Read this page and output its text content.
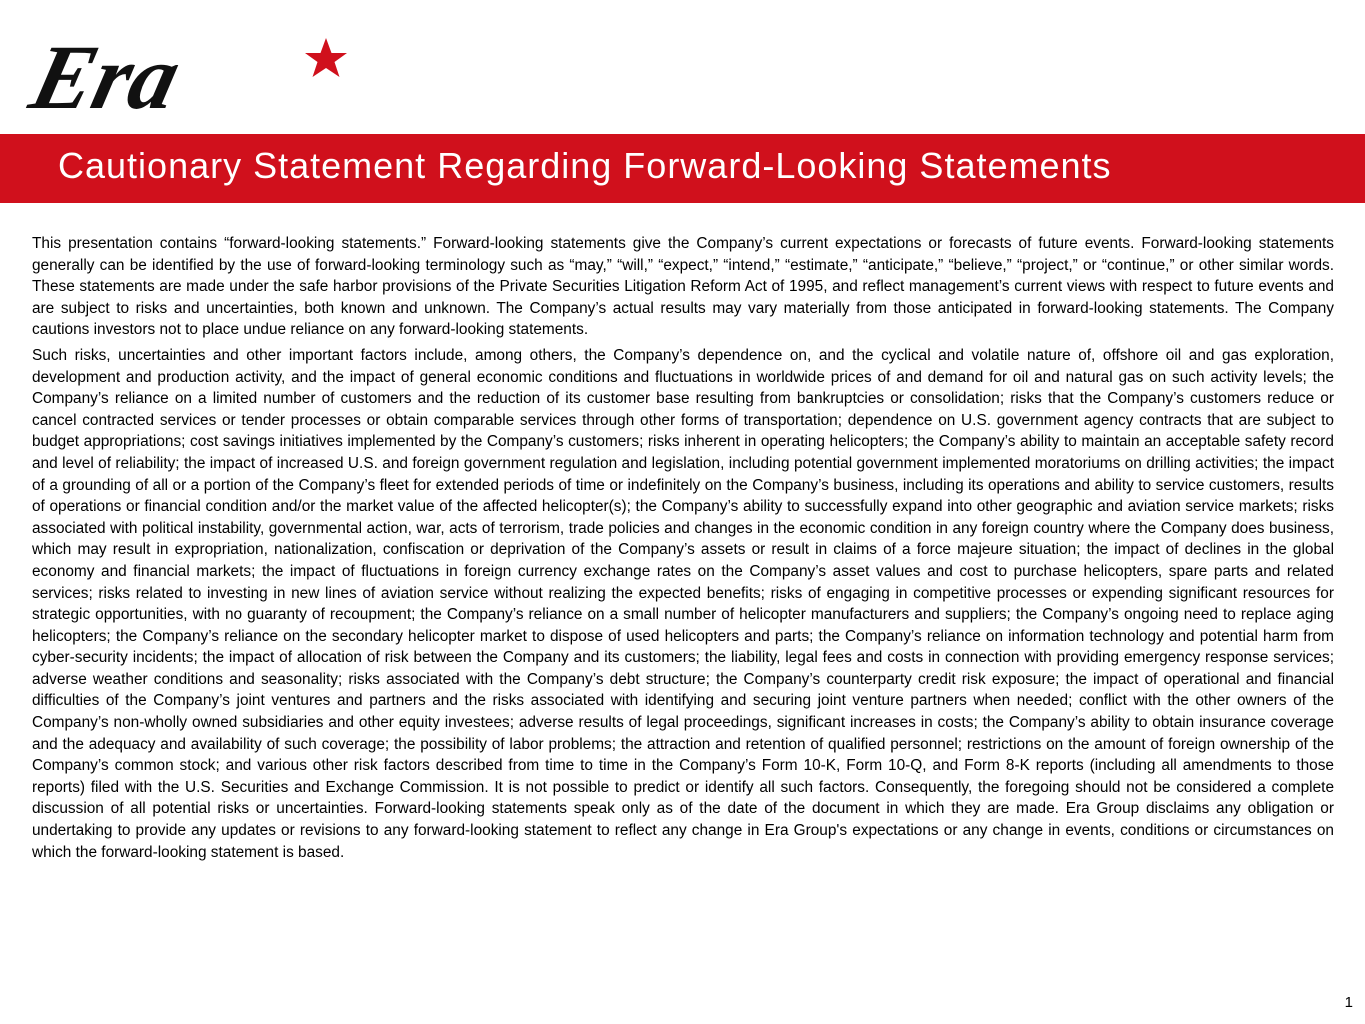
Era
Cautionary Statement Regarding Forward-Looking Statements

This presentation contains “forward-looking statements.” Forward-looking statements give the Company’s current expectations or forecasts of future events. Forward-looking statements generally can be identified by the use of forward-looking terminology such as “may,” “will,” “expect,” “intend,” “estimate,” “anticipate,” “believe,” “project,” or “continue,” or other similar words. These statements are made under the safe harbor provisions of the Private Securities Litigation Reform Act of 1995, and reflect management’s current views with respect to future events and are subject to risks and uncertainties, both known and unknown. The Company’s actual results may vary materially from those anticipated in forward-looking statements. The Company cautions investors not to place undue reliance on any forward-looking statements.

Such risks, uncertainties and other important factors include, among others, the Company’s dependence on, and the cyclical and volatile nature of, offshore oil and gas exploration, development and production activity, and the impact of general economic conditions and fluctuations in worldwide prices of and demand for oil and natural gas on such activity levels; the Company’s reliance on a limited number of customers and the reduction of its customer base resulting from bankruptcies or consolidation; risks that the Company’s customers reduce or cancel contracted services or tender processes or obtain comparable services through other forms of transportation; dependence on U.S. government agency contracts that are subject to budget appropriations; cost savings initiatives implemented by the Company’s customers; risks inherent in operating helicopters; the Company’s ability to maintain an acceptable safety record and level of reliability; the impact of increased U.S. and foreign government regulation and legislation, including potential government implemented moratoriums on drilling activities; the impact of a grounding of all or a portion of the Company’s fleet for extended periods of time or indefinitely on the Company’s business, including its operations and ability to service customers, results of operations or financial condition and/or the market value of the affected helicopter(s); the Company’s ability to successfully expand into other geographic and aviation service markets; risks associated with political instability, governmental action, war, acts of terrorism, trade policies and changes in the economic condition in any foreign country where the Company does business, which may result in expropriation, nationalization, confiscation or deprivation of the Company’s assets or result in claims of a force majeure situation; the impact of declines in the global economy and financial markets; the impact of fluctuations in foreign currency exchange rates on the Company’s asset values and cost to purchase helicopters, spare parts and related services; risks related to investing in new lines of aviation service without realizing the expected benefits; risks of engaging in competitive processes or expending significant resources for strategic opportunities, with no guaranty of recoupment; the Company’s reliance on a small number of helicopter manufacturers and suppliers; the Company’s ongoing need to replace aging helicopters; the Company’s reliance on the secondary helicopter market to dispose of used helicopters and parts; the Company’s reliance on information technology and potential harm from cyber-security incidents; the impact of allocation of risk between the Company and its customers; the liability, legal fees and costs in connection with providing emergency response services; adverse weather conditions and seasonality; risks associated with the Company’s debt structure; the Company’s counterparty credit risk exposure; the impact of operational and financial difficulties of the Company’s joint ventures and partners and the risks associated with identifying and securing joint venture partners when needed; conflict with the other owners of the Company’s non-wholly owned subsidiaries and other equity investees; adverse results of legal proceedings, significant increases in costs; the Company’s ability to obtain insurance coverage and the adequacy and availability of such coverage; the possibility of labor problems; the attraction and retention of qualified personnel; restrictions on the amount of foreign ownership of the Company’s common stock; and various other risk factors described from time to time in the Company’s Form 10-K, Form 10-Q, and Form 8-K reports (including all amendments to those reports) filed with the U.S. Securities and Exchange Commission. It is not possible to predict or identify all such factors. Consequently, the foregoing should not be considered a complete discussion of all potential risks or uncertainties. Forward-looking statements speak only as of the date of the document in which they are made. Era Group disclaims any obligation or undertaking to provide any updates or revisions to any forward-looking statement to reflect any change in Era Group's expectations or any change in events, conditions or circumstances on which the forward-looking statement is based.

1
